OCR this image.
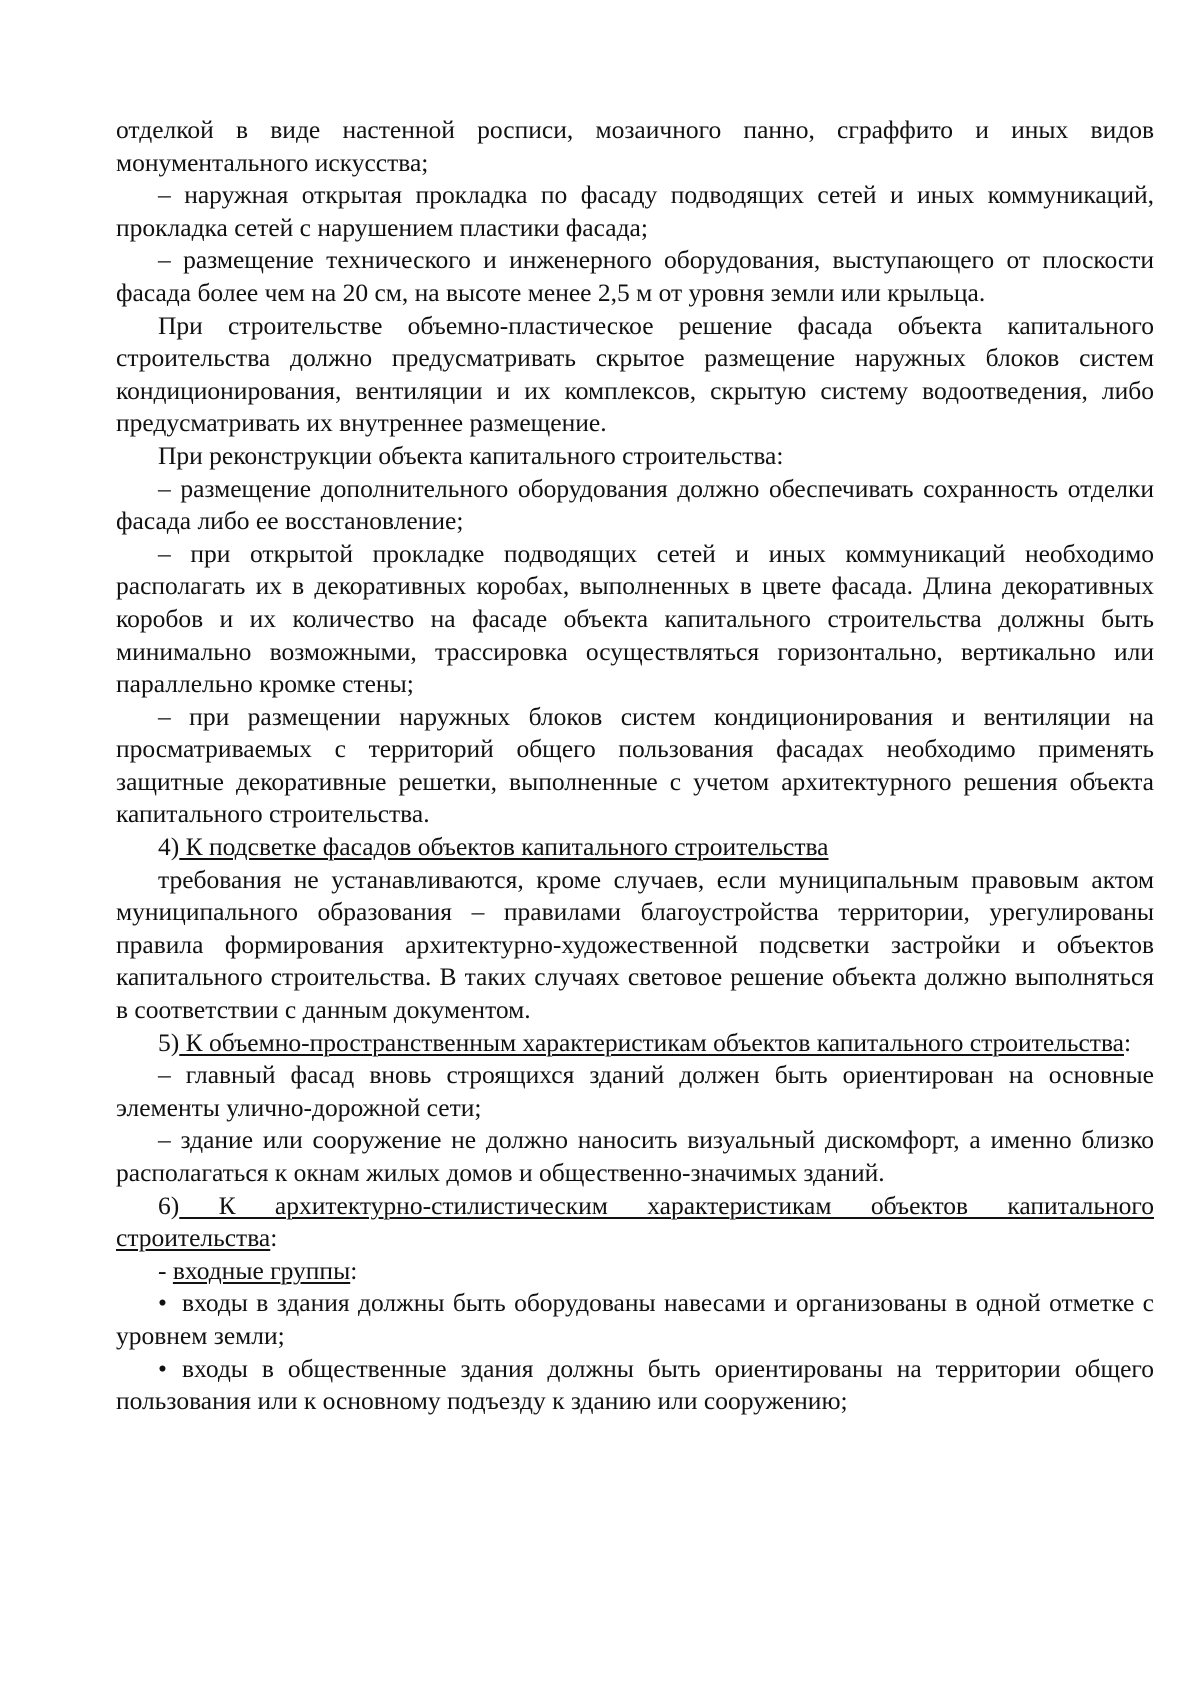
отделкой в виде настенной росписи, мозаичного панно, сграффито и иных видов монументального искусства;

– наружная открытая прокладка по фасаду подводящих сетей и иных коммуникаций, прокладка сетей с нарушением пластики фасада;

– размещение технического и инженерного оборудования, выступающего от плоскости фасада более чем на 20 см, на высоте менее 2,5 м от уровня земли или крыльца.

При строительстве объемно-пластическое решение фасада объекта капитального строительства должно предусматривать скрытое размещение наружных блоков систем кондиционирования, вентиляции и их комплексов, скрытую систему водоотведения, либо предусматривать их внутреннее размещение.

При реконструкции объекта капитального строительства:

– размещение дополнительного оборудования должно обеспечивать сохранность отделки фасада либо ее восстановление;

– при открытой прокладке подводящих сетей и иных коммуникаций необходимо располагать их в декоративных коробах, выполненных в цвете фасада. Длина декоративных коробов и их количество на фасаде объекта капитального строительства должны быть минимально возможными, трассировка осуществляться горизонтально, вертикально или параллельно кромке стены;

– при размещении наружных блоков систем кондиционирования и вентиляции на просматриваемых с территорий общего пользования фасадах необходимо применять защитные декоративные решетки, выполненные с учетом архитектурного решения объекта капитального строительства.

4) К подсветке фасадов объектов капитального строительства

требования не устанавливаются, кроме случаев, если муниципальным правовым актом муниципального образования – правилами благоустройства территории, урегулированы правила формирования архитектурно-художественной подсветки застройки и объектов капитального строительства. В таких случаях световое решение объекта должно выполняться в соответствии с данным документом.

5) К объемно-пространственным характеристикам объектов капитального строительства:

– главный фасад вновь строящихся зданий должен быть ориентирован на основные элементы улично-дорожной сети;

– здание или сооружение не должно наносить визуальный дискомфорт, а именно близко располагаться к окнам жилых домов и общественно-значимых зданий.

6) К архитектурно-стилистическим характеристикам объектов капитального строительства:

- входные группы:

• входы в здания должны быть оборудованы навесами и организованы в одной отметке с уровнем земли;

• входы в общественные здания должны быть ориентированы на территории общего пользования или к основному подъезду к зданию или сооружению;
